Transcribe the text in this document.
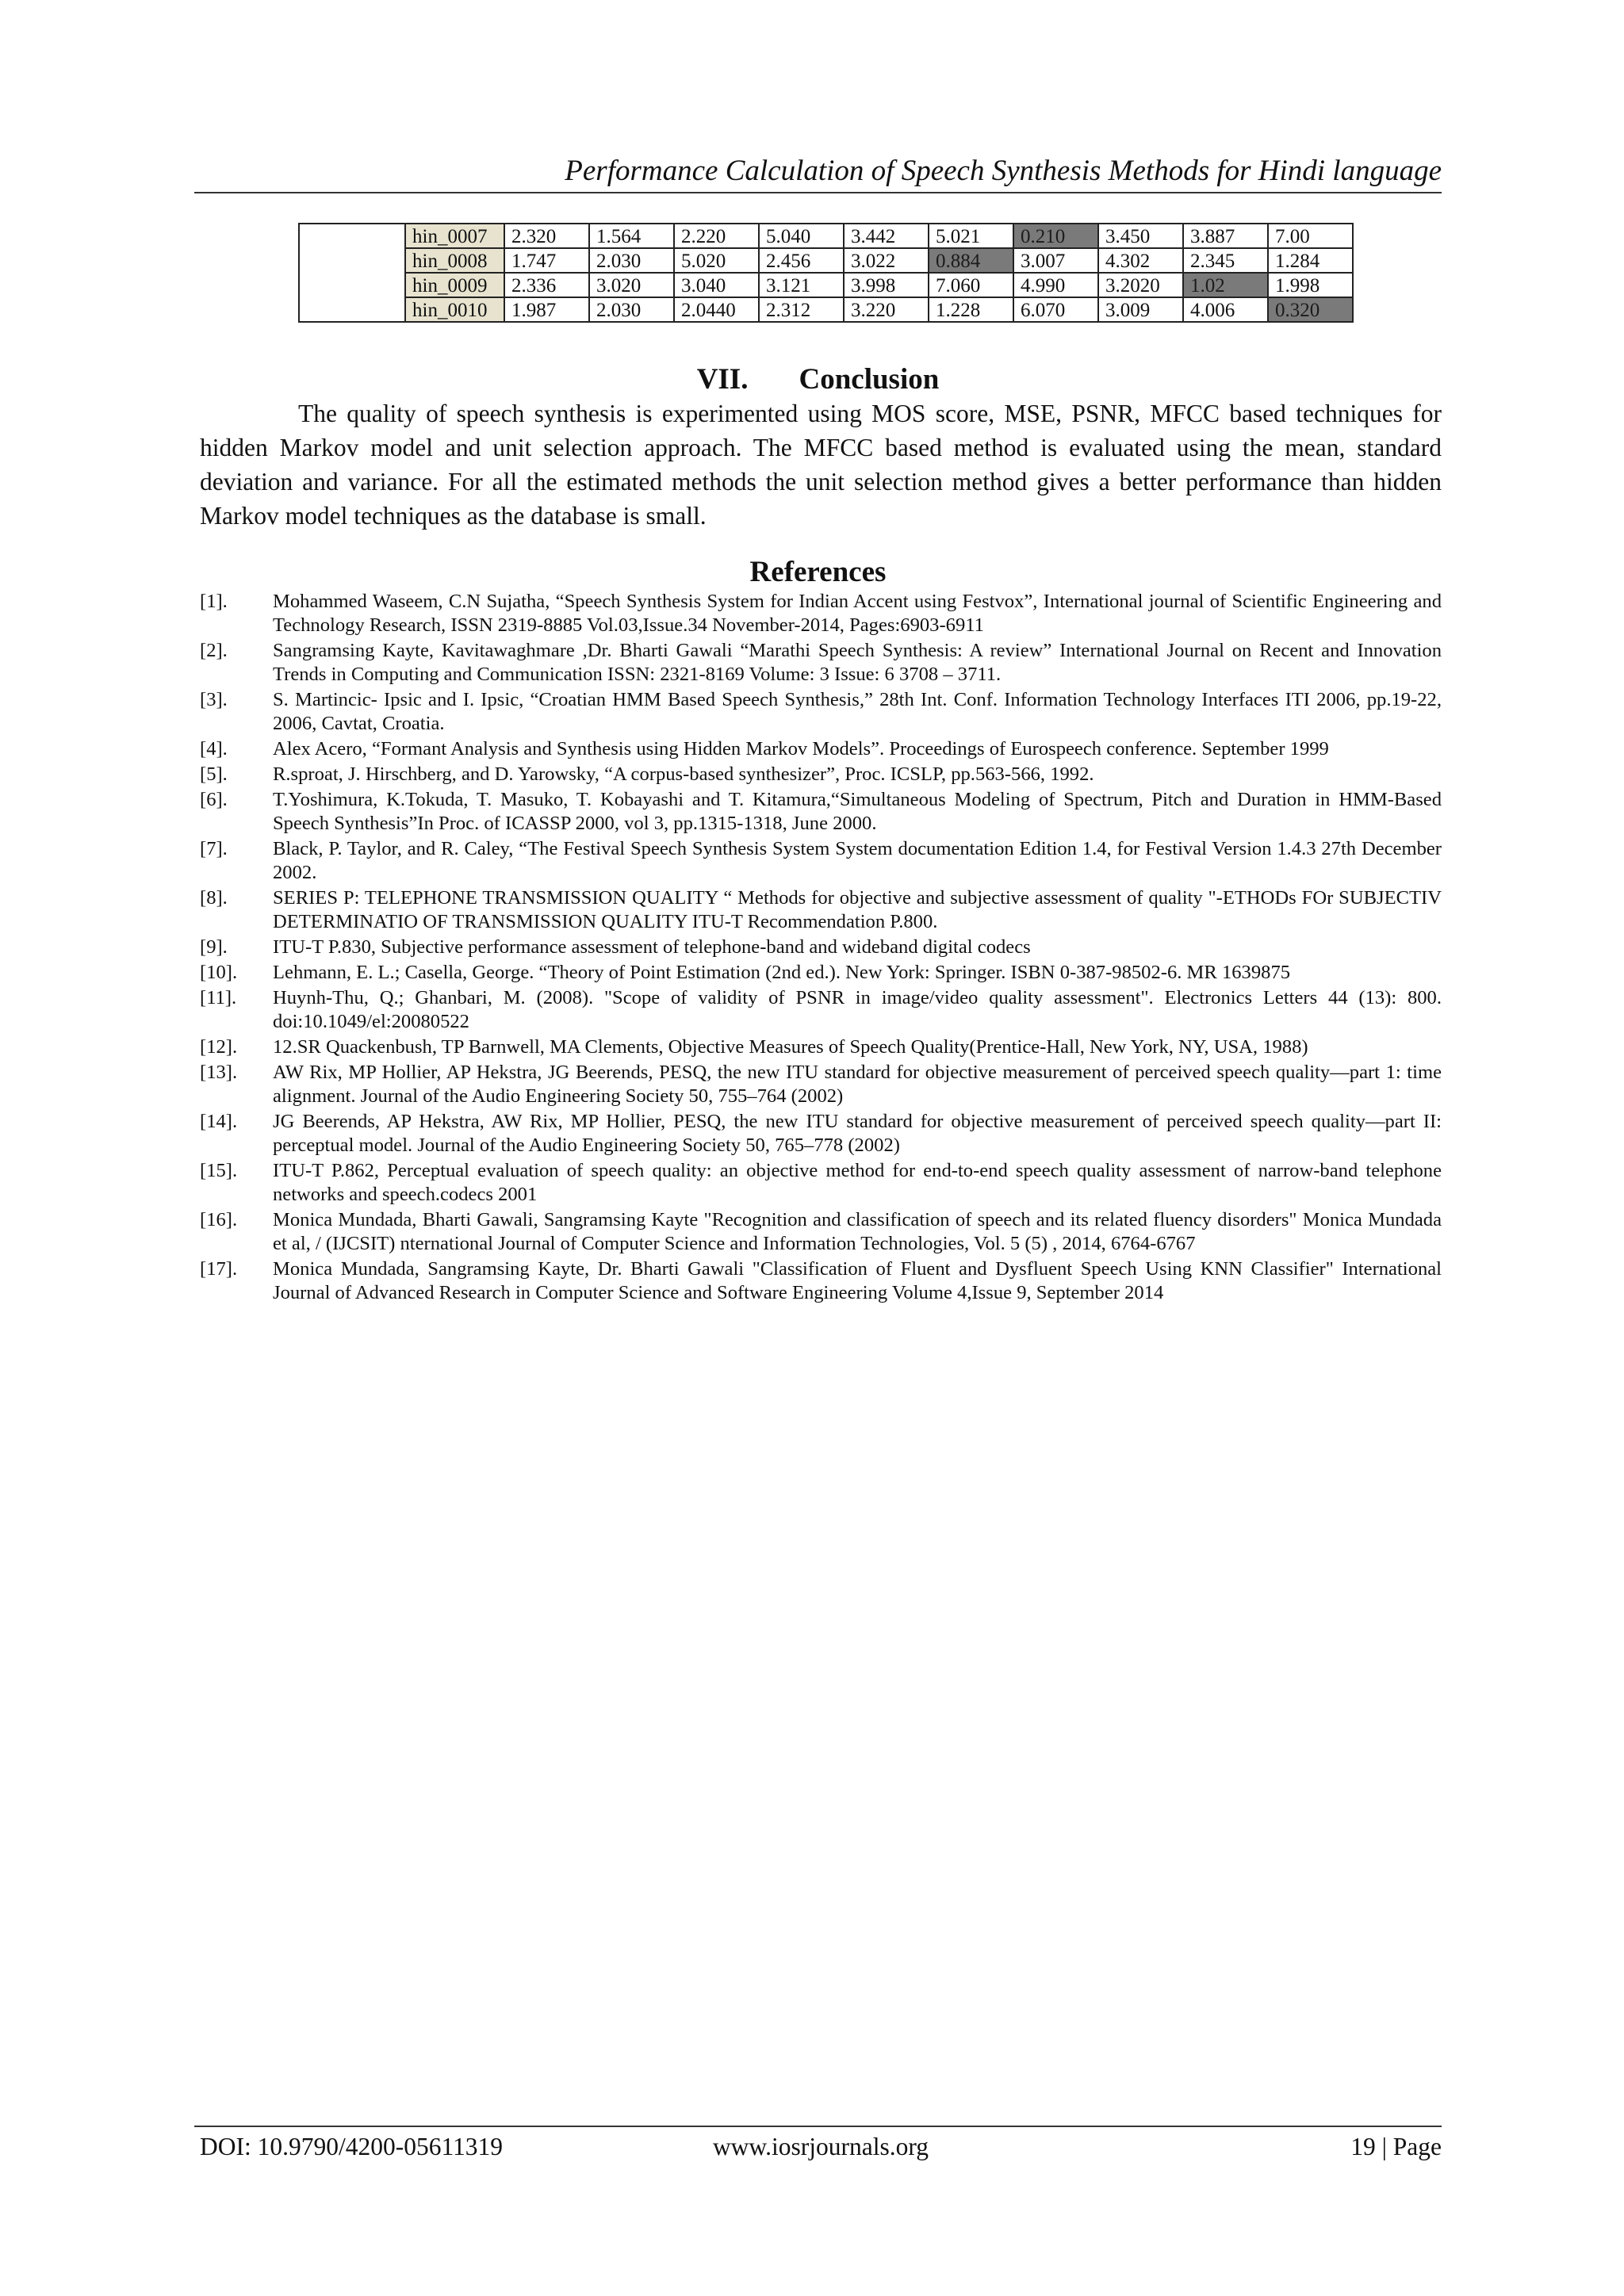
Performance Calculation of Speech Synthesis Methods for Hindi language
	hin_0007	2.320	1.564	2.220	5.040	3.442	5.021	0.210	3.450	3.887	7.00
	hin_0008	1.747	2.030	5.020	2.456	3.022	0.884	3.007	4.302	2.345	1.284
	hin_0009	2.336	3.020	3.040	3.121	3.998	7.060	4.990	3.2020	1.02	1.998
	hin_0010	1.987	2.030	2.0440	2.312	3.220	1.228	6.070	3.009	4.006	0.320
VII. Conclusion

The quality of speech synthesis is experimented using MOS score, MSE, PSNR, MFCC based techniques for hidden Markov model and unit selection approach. The MFCC based method is evaluated using the mean, standard deviation and variance. For all the estimated methods the unit selection method gives a better performance than hidden Markov model techniques as the database is small.

References
[1]. Mohammed Waseem, C.N Sujatha, “Speech Synthesis System for Indian Accent using Festvox”, International journal of Scientific Engineering and Technology Research, ISSN 2319-8885 Vol.03,Issue.34 November-2014, Pages:6903-6911
[2]. Sangramsing Kayte, Kavitawaghmare ,Dr. Bharti Gawali “Marathi Speech Synthesis: A review” International Journal on Recent and Innovation Trends in Computing and Communication ISSN: 2321-8169 Volume: 3 Issue: 6 3708 – 3711.
[3]. S. Martincic- Ipsic and I. Ipsic, “Croatian HMM Based Speech Synthesis,” 28th Int. Conf. Information Technology Interfaces ITI 2006, pp.19-22, 2006, Cavtat, Croatia.
[4]. Alex Acero, “Formant Analysis and Synthesis using Hidden Markov Models”. Proceedings of Eurospeech conference. September 1999
[5]. R.sproat, J. Hirschberg, and D. Yarowsky, “A corpus-based synthesizer”, Proc. ICSLP, pp.563-566, 1992.
[6]. T.Yoshimura, K.Tokuda, T. Masuko, T. Kobayashi and T. Kitamura,“Simultaneous Modeling of Spectrum, Pitch and Duration in HMM-Based Speech Synthesis”In Proc. of ICASSP 2000, vol 3, pp.1315-1318, June 2000.
[7]. Black, P. Taylor, and R. Caley, “The Festival Speech Synthesis System System documentation Edition 1.4, for Festival Version 1.4.3 27th December 2002.
[8]. SERIES P: TELEPHONE TRANSMISSION QUALITY “ Methods for objective and subjective assessment of quality "-ETHODs FOr SUBJECTIV DETERMINATIO OF TRANSMISSION QUALITY ITU-T Recommendation P.800.
[9]. ITU-T P.830, Subjective performance assessment of telephone-band and wideband digital codecs
[10]. Lehmann, E. L.; Casella, George. “Theory of Point Estimation (2nd ed.). New York: Springer. ISBN 0-387-98502-6. MR 1639875
[11]. Huynh-Thu, Q.; Ghanbari, M. (2008). "Scope of validity of PSNR in image/video quality assessment". Electronics Letters 44 (13): 800. doi:10.1049/el:20080522
[12]. 12.SR Quackenbush, TP Barnwell, MA Clements, Objective Measures of Speech Quality(Prentice-Hall, New York, NY, USA, 1988)
[13]. AW Rix, MP Hollier, AP Hekstra, JG Beerends, PESQ, the new ITU standard for objective measurement of perceived speech quality—part 1: time alignment. Journal of the Audio Engineering Society 50, 755–764 (2002)
[14]. JG Beerends, AP Hekstra, AW Rix, MP Hollier, PESQ, the new ITU standard for objective measurement of perceived speech quality—part II: perceptual model. Journal of the Audio Engineering Society 50, 765–778 (2002)
[15]. ITU-T P.862, Perceptual evaluation of speech quality: an objective method for end-to-end speech quality assessment of narrow-band telephone networks and speech.codecs 2001
[16]. Monica Mundada, Bharti Gawali, Sangramsing Kayte "Recognition and classification of speech and its related fluency disorders" Monica Mundada et al, / (IJCSIT) nternational Journal of Computer Science and Information Technologies, Vol. 5 (5) , 2014, 6764-6767
[17]. Monica Mundada, Sangramsing Kayte, Dr. Bharti Gawali "Classification of Fluent and Dysfluent Speech Using KNN Classifier" International Journal of Advanced Research in Computer Science and Software Engineering Volume 4,Issue 9, September 2014
DOI: 10.9790/4200-05611319	www.iosrjournals.org	19 | Page
